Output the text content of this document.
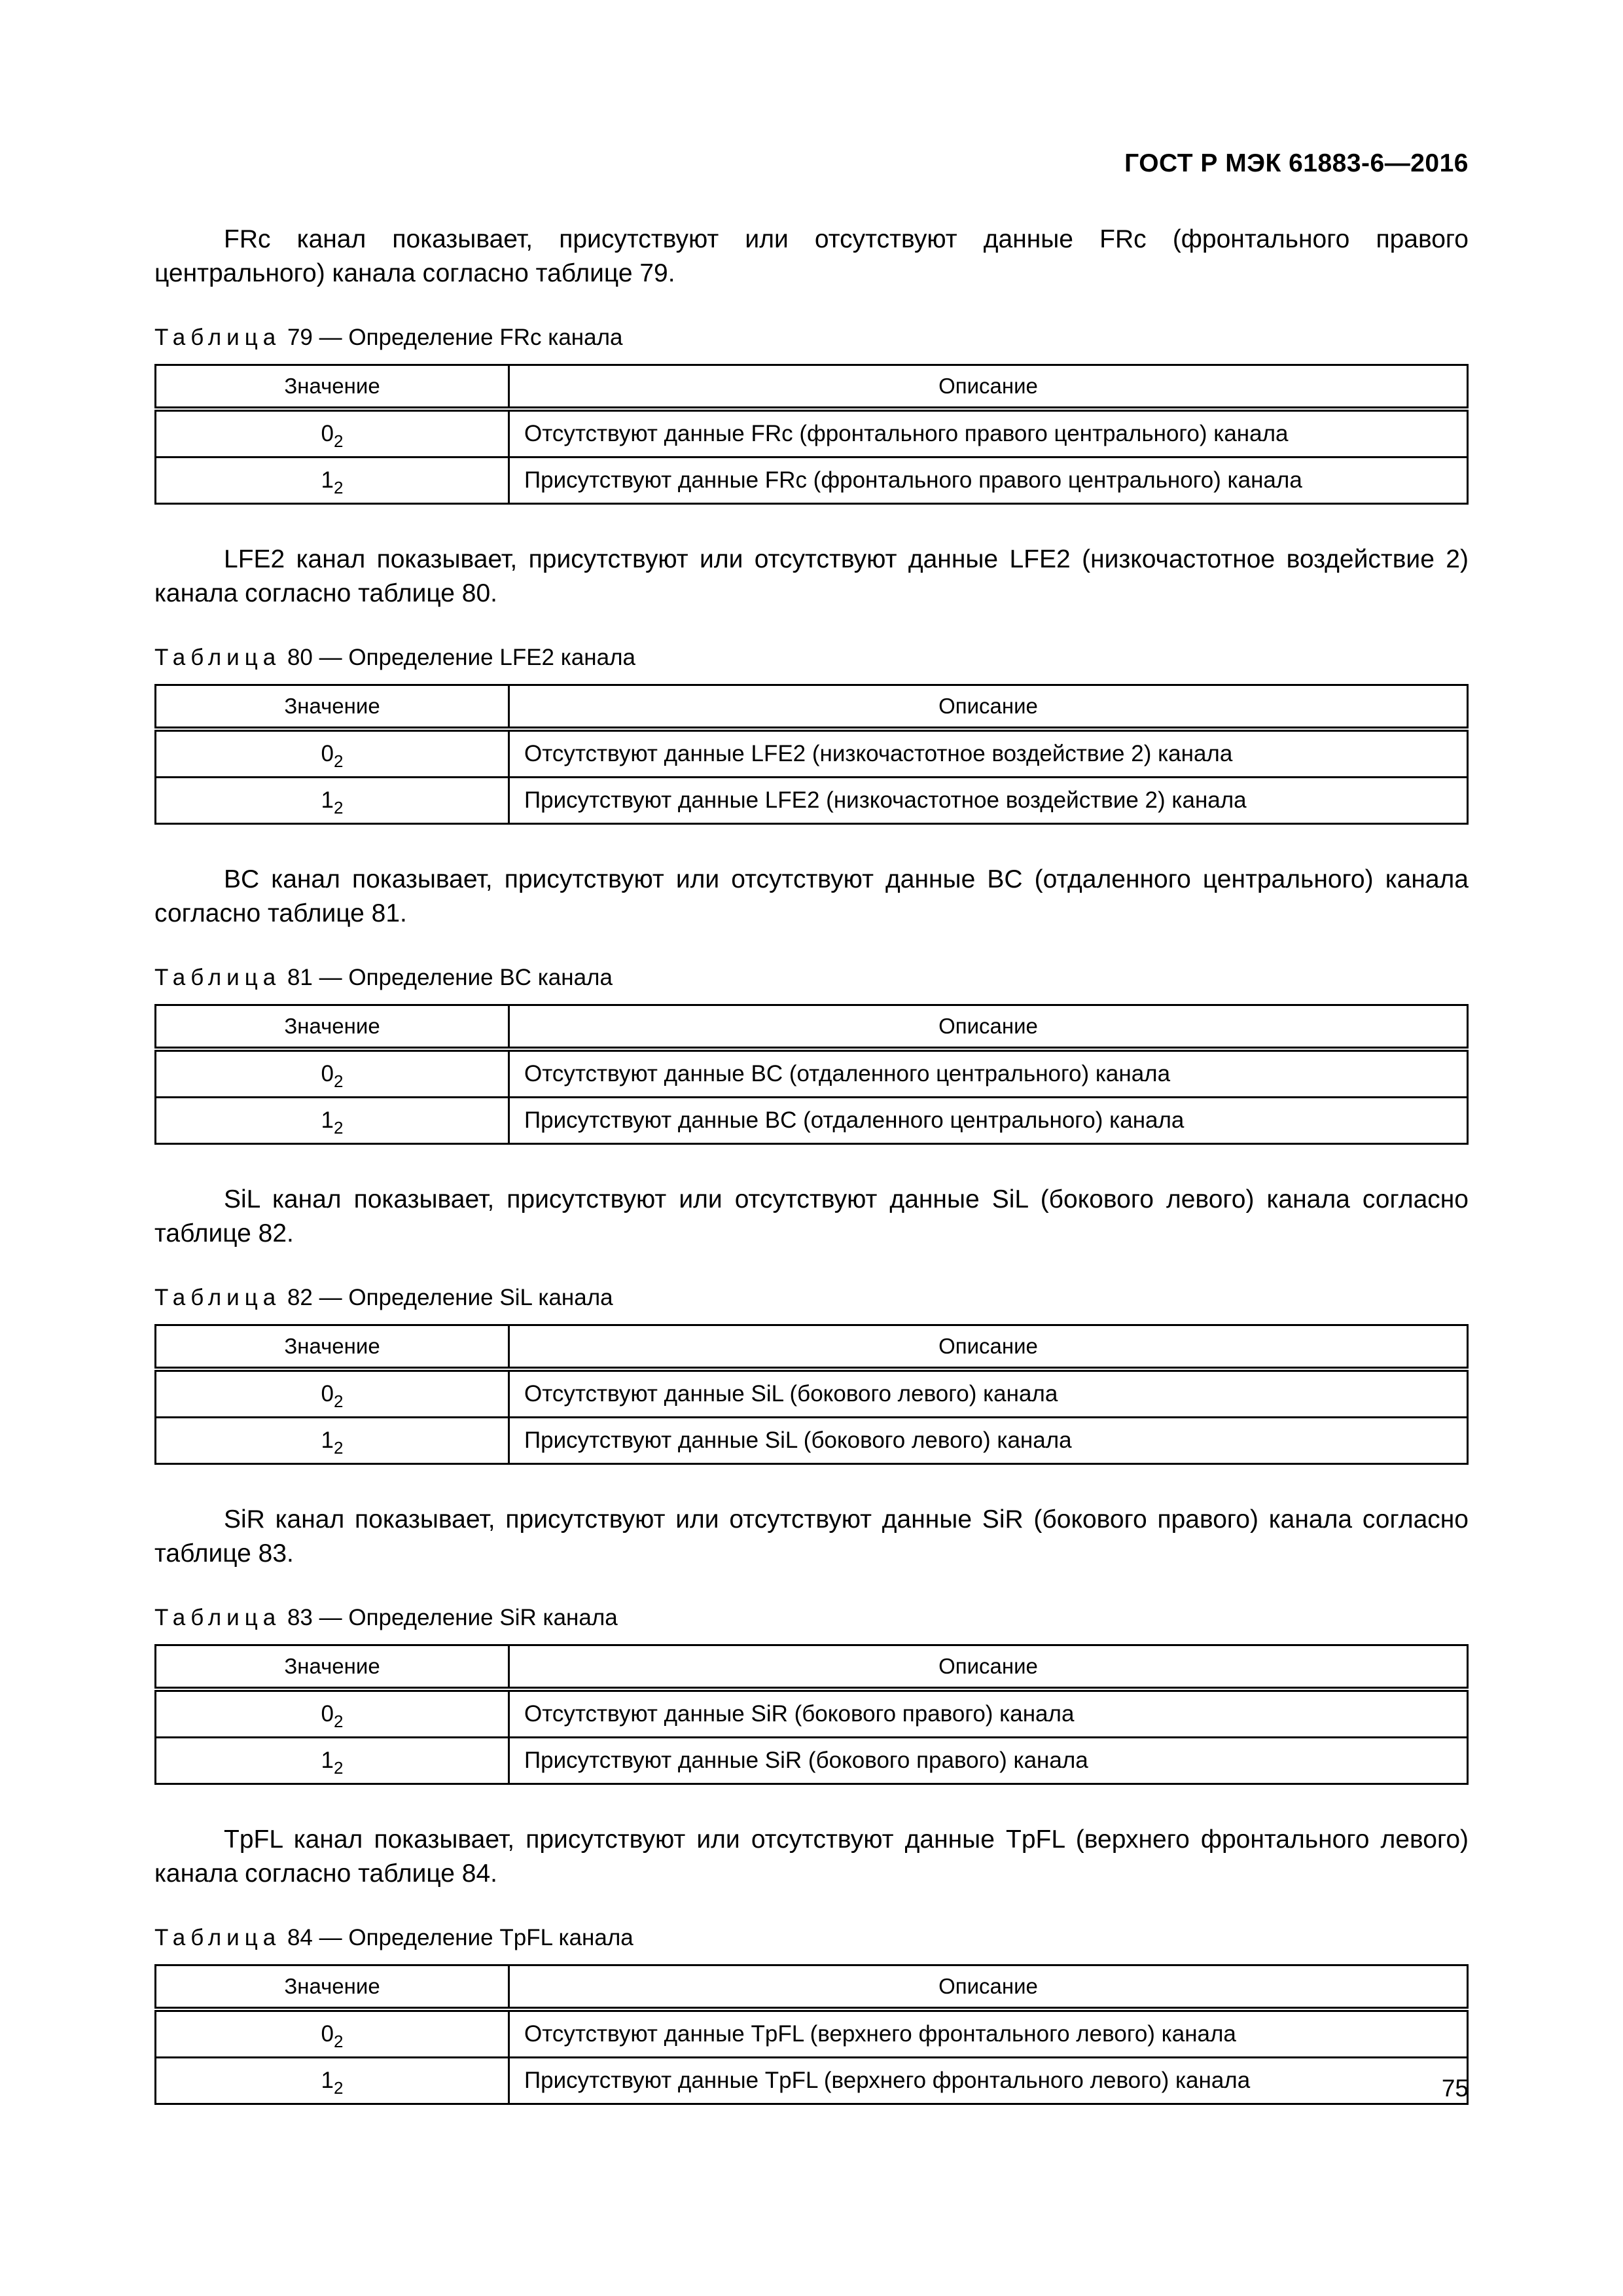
ГОСТ Р МЭК 61883-6—2016

FRc канал показывает, присутствуют или отсутствуют данные FRc (фронтального правого центрального) канала согласно таблице 79.

Таблица 79 — Определение FRc канала
Значение	Описание
$0_2$	Отсутствуют данные FRc (фронтального правого центрального) канала
$1_2$	Присутствуют данные FRc (фронтального правого центрального) канала

LFE2 канал показывает, присутствуют или отсутствуют данные LFE2 (низкочастотное воздействие 2) канала согласно таблице 80.

Таблица 80 — Определение LFE2 канала
Значение	Описание
$0_2$	Отсутствуют данные LFE2 (низкочастотное воздействие 2) канала
$1_2$	Присутствуют данные LFE2 (низкочастотное воздействие 2) канала

BC канал показывает, присутствуют или отсутствуют данные BC (отдаленного центрального) канала согласно таблице 81.

Таблица 81 — Определение BC канала
Значение	Описание
$0_2$	Отсутствуют данные BC (отдаленного центрального) канала
$1_2$	Присутствуют данные BC (отдаленного центрального) канала

SiL канал показывает, присутствуют или отсутствуют данные SiL (бокового левого) канала согласно таблице 82.

Таблица 82 — Определение SiL канала
Значение	Описание
$0_2$	Отсутствуют данные SiL (бокового левого) канала
$1_2$	Присутствуют данные SiL (бокового левого) канала

SiR канал показывает, присутствуют или отсутствуют данные SiR (бокового правого) канала согласно таблице 83.

Таблица 83 — Определение SiR канала
Значение	Описание
$0_2$	Отсутствуют данные SiR (бокового правого) канала
$1_2$	Присутствуют данные SiR (бокового правого) канала

TpFL канал показывает, присутствуют или отсутствуют данные TpFL (верхнего фронтального левого) канала согласно таблице 84.

Таблица 84 — Определение TpFL канала
Значение	Описание
$0_2$	Отсутствуют данные TpFL (верхнего фронтального левого) канала
$1_2$	Присутствуют данные TpFL (верхнего фронтального левого) канала	75
